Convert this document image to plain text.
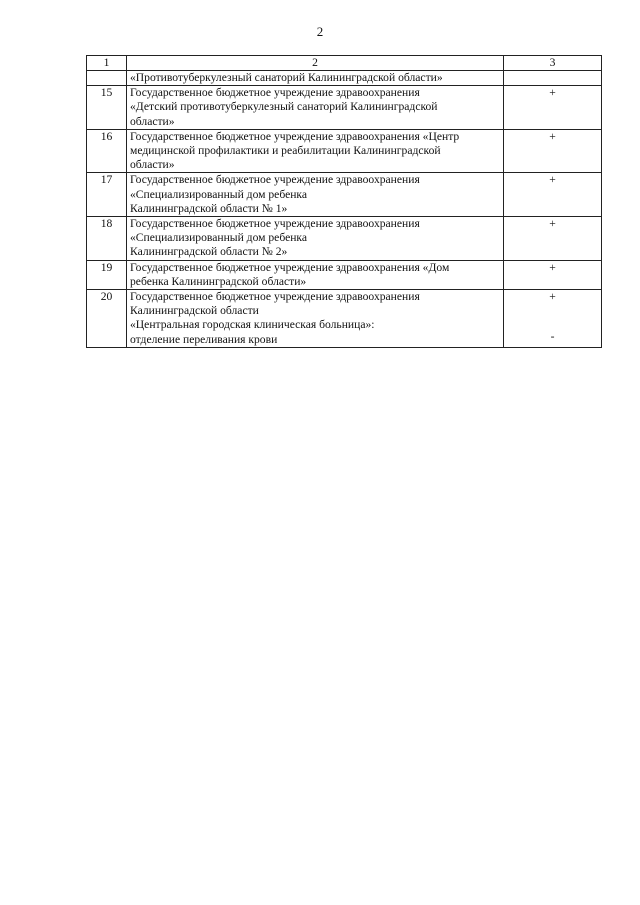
2
1	2	3
	«Противотуберкулезный санаторий Калининградской области»	
15	Государственное бюджетное учреждение здравоохранения
«Детский противотуберкулезный санаторий Калининградской
области»	+
16	Государственное бюджетное учреждение здравоохранения «Центр
медицинской профилактики и реабилитации Калининградской
области»	+
17	Государственное бюджетное учреждение здравоохранения
«Специализированный дом ребенка
Калининградской области № 1»	+
18	Государственное бюджетное учреждение здравоохранения
«Специализированный дом ребенка
Калининградской области № 2»	+
19	Государственное бюджетное учреждение здравоохранения «Дом
ребенка Калининградской области»	+
20	Государственное бюджетное учреждение здравоохранения
Калининградской области
«Центральная городская клиническая больница»:
отделение переливания крови	+
-
